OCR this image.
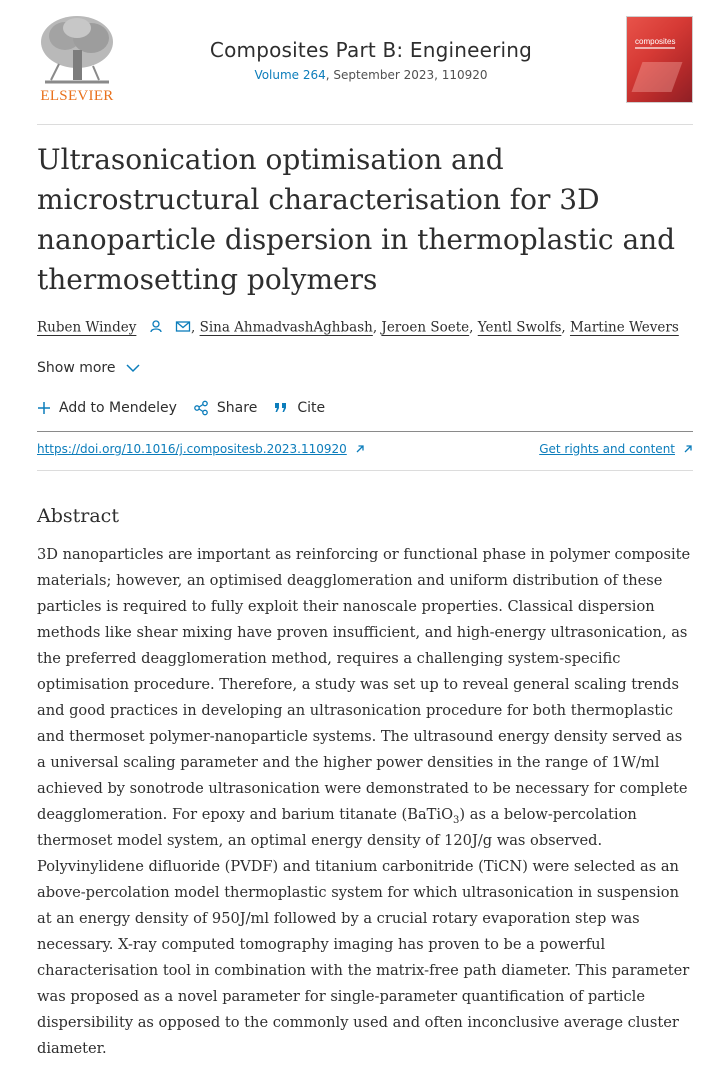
ELSEVIER
Composites Part B: Engineering
Volume 264, September 2023, 110920
composites
Ultrasonication optimisation and microstructural characterisation for 3D nanoparticle dispersion in thermoplastic and thermosetting polymers
Ruben Windey	, Sina AhmadvashAghbash, Jeroen Soete, Yentl Swolfs, Martine Wevers
Show more
Add to Mendeley	Share	Cite
https://doi.org/10.1016/j.compositesb.2023.110920	Get rights and content
Abstract

3D nanoparticles are important as reinforcing or functional phase in polymer composite materials; however, an optimised deagglomeration and uniform distribution of these particles is required to fully exploit their nanoscale properties. Classical dispersion methods like shear mixing have proven insufficient, and high-energy ultrasonication, as the preferred deagglomeration method, requires a challenging system-specific optimisation procedure. Therefore, a study was set up to reveal general scaling trends and good practices in developing an ultrasonication procedure for both thermoplastic and thermoset polymer-nanoparticle systems. The ultrasound energy density served as a universal scaling parameter and the higher power densities in the range of 1W/ml achieved by sonotrode ultrasonication were demonstrated to be necessary for complete deagglomeration. For epoxy and barium titanate (BaTiO$_3$) as a below-percolation thermoset model system, an optimal energy density of 120J/g was observed. Polyvinylidene difluoride (PVDF) and titanium carbonitride (TiCN) were selected as an above-percolation model thermoplastic system for which ultrasonication in suspension at an energy density of 950J/ml followed by a crucial rotary evaporation step was necessary. X-ray computed tomography imaging has proven to be a powerful characterisation tool in combination with the matrix-free path diameter. This parameter was proposed as a novel parameter for single-parameter quantification of particle dispersibility as opposed to the commonly used and often inconclusive average cluster diameter.
